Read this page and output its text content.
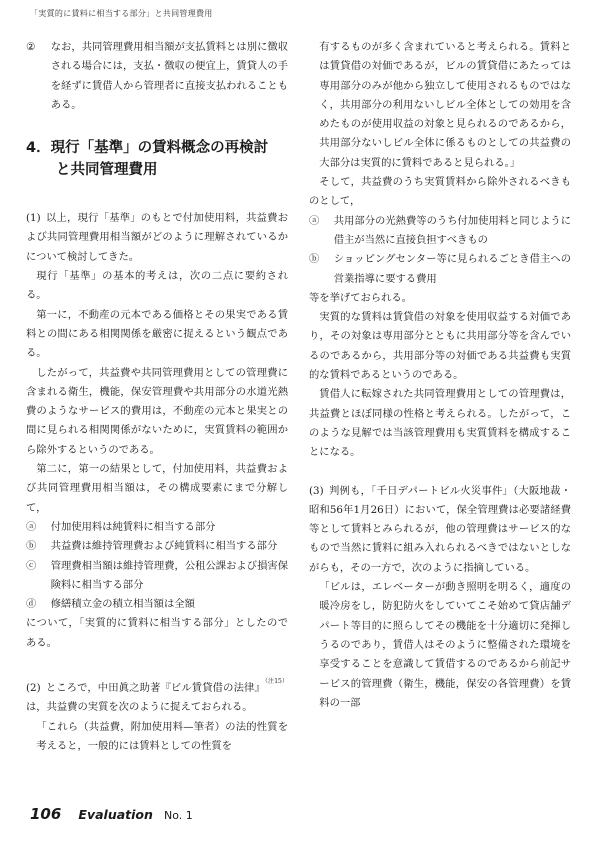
「実質的に賃料に相当する部分」と共同管理費用

② なお，共同管理費用相当額が支払賃料とは別に徴収される場合には，支払・徴収の便宜上，賃貸人の手を経ずに賃借人から管理者に直接支払われることもある。

4．現行「基準」の賃料概念の再検討
と共同管理費用

(1)  以上，現行「基準」のもとで付加使用料，共益費および共同管理費用相当額がどのように理解されているかについて検討してきた。

現行「基準」の基本的考えは，次の二点に要約される。

第一に，不動産の元本である価格とその果実である賃料との間にある相関関係を厳密に捉えるという観点である。

したがって，共益費や共同管理費用としての管理費に含まれる衛生，機能，保安管理費や共用部分の水道光熱費のようなサービス的費用は，不動産の元本と果実との間に見られる相関関係がないために，実質賃料の範囲から除外するというのである。

第二に，第一の結果として，付加使用料，共益費および共同管理費用相当額は，その構成要素にまで分解して，

ⓐ 付加使用料は純賃料に相当する部分

ⓑ 共益費は維持管理費および純賃料に相当する部分

ⓒ 管理費相当額は維持管理費，公租公課および損害保険料に相当する部分

ⓓ 修繕積立金の積立相当額は全額

について，「実質的に賃料に相当する部分」としたのである。

(2)  ところで，中田眞之助著『ビル賃貸借の法律』$^{(注15)}$は，共益費の実質を次のように捉えておられる。

「これら（共益費，附加使用料—筆者）の法的性質を考えると，一般的には賃料としての性質を

有するものが多く含まれていると考えられる。賃料とは賃貸借の対価であるが，ビルの賃貸借にあたっては専用部分のみが他から独立して使用されるものではなく，共用部分の利用ないしビル全体としての効用を含めたものが使用収益の対象と見られるのであるから，共用部分ないしビル全体に係るものとしての共益費の大部分は実質的に賃料であると見られる。」

そして，共益費のうち実質賃料から除外されるべきものとして，

ⓐ 共用部分の光熱費等のうち付加使用料と同じように借主が当然に直接負担すべきもの

ⓑ ショッピングセンター等に見られるごとき借主への営業指導に要する費用

等を挙げておられる。

実質的な賃料は賃貸借の対象を使用収益する対価であり，その対象は専用部分とともに共用部分等を含んでいるのであるから，共用部分等の対価である共益費も実質的な賃料であるというのである。

賃借人に転嫁された共同管理費用としての管理費は，共益費とほぼ同様の性格と考えられる。したがって，このような見解では当該管理費用も実質賃料を構成することになる。

(3)  判例も，「千日デパートビル火災事件」（大阪地裁・昭和56年1月26日）において，保全管理費は必要諸経費等として賃料とみられるが，他の管理費はサービス的なもので当然に賃料に組み入れられるべきではないとしながらも，その一方で，次のように指摘している。

「ビルは，エレベーターが動き照明を明るく，適度の暖冷房をし，防犯防火をしていてこそ始めて貸店舗デパート等目的に照らしてその機能を十分適切に発揮しうるのであり，賃借人はそのように整備された環境を享受することを意識して賃借するのであるから前記サービス的管理費（衛生，機能，保安の各管理費）を賃料の一部

106 Evaluation No. 1
